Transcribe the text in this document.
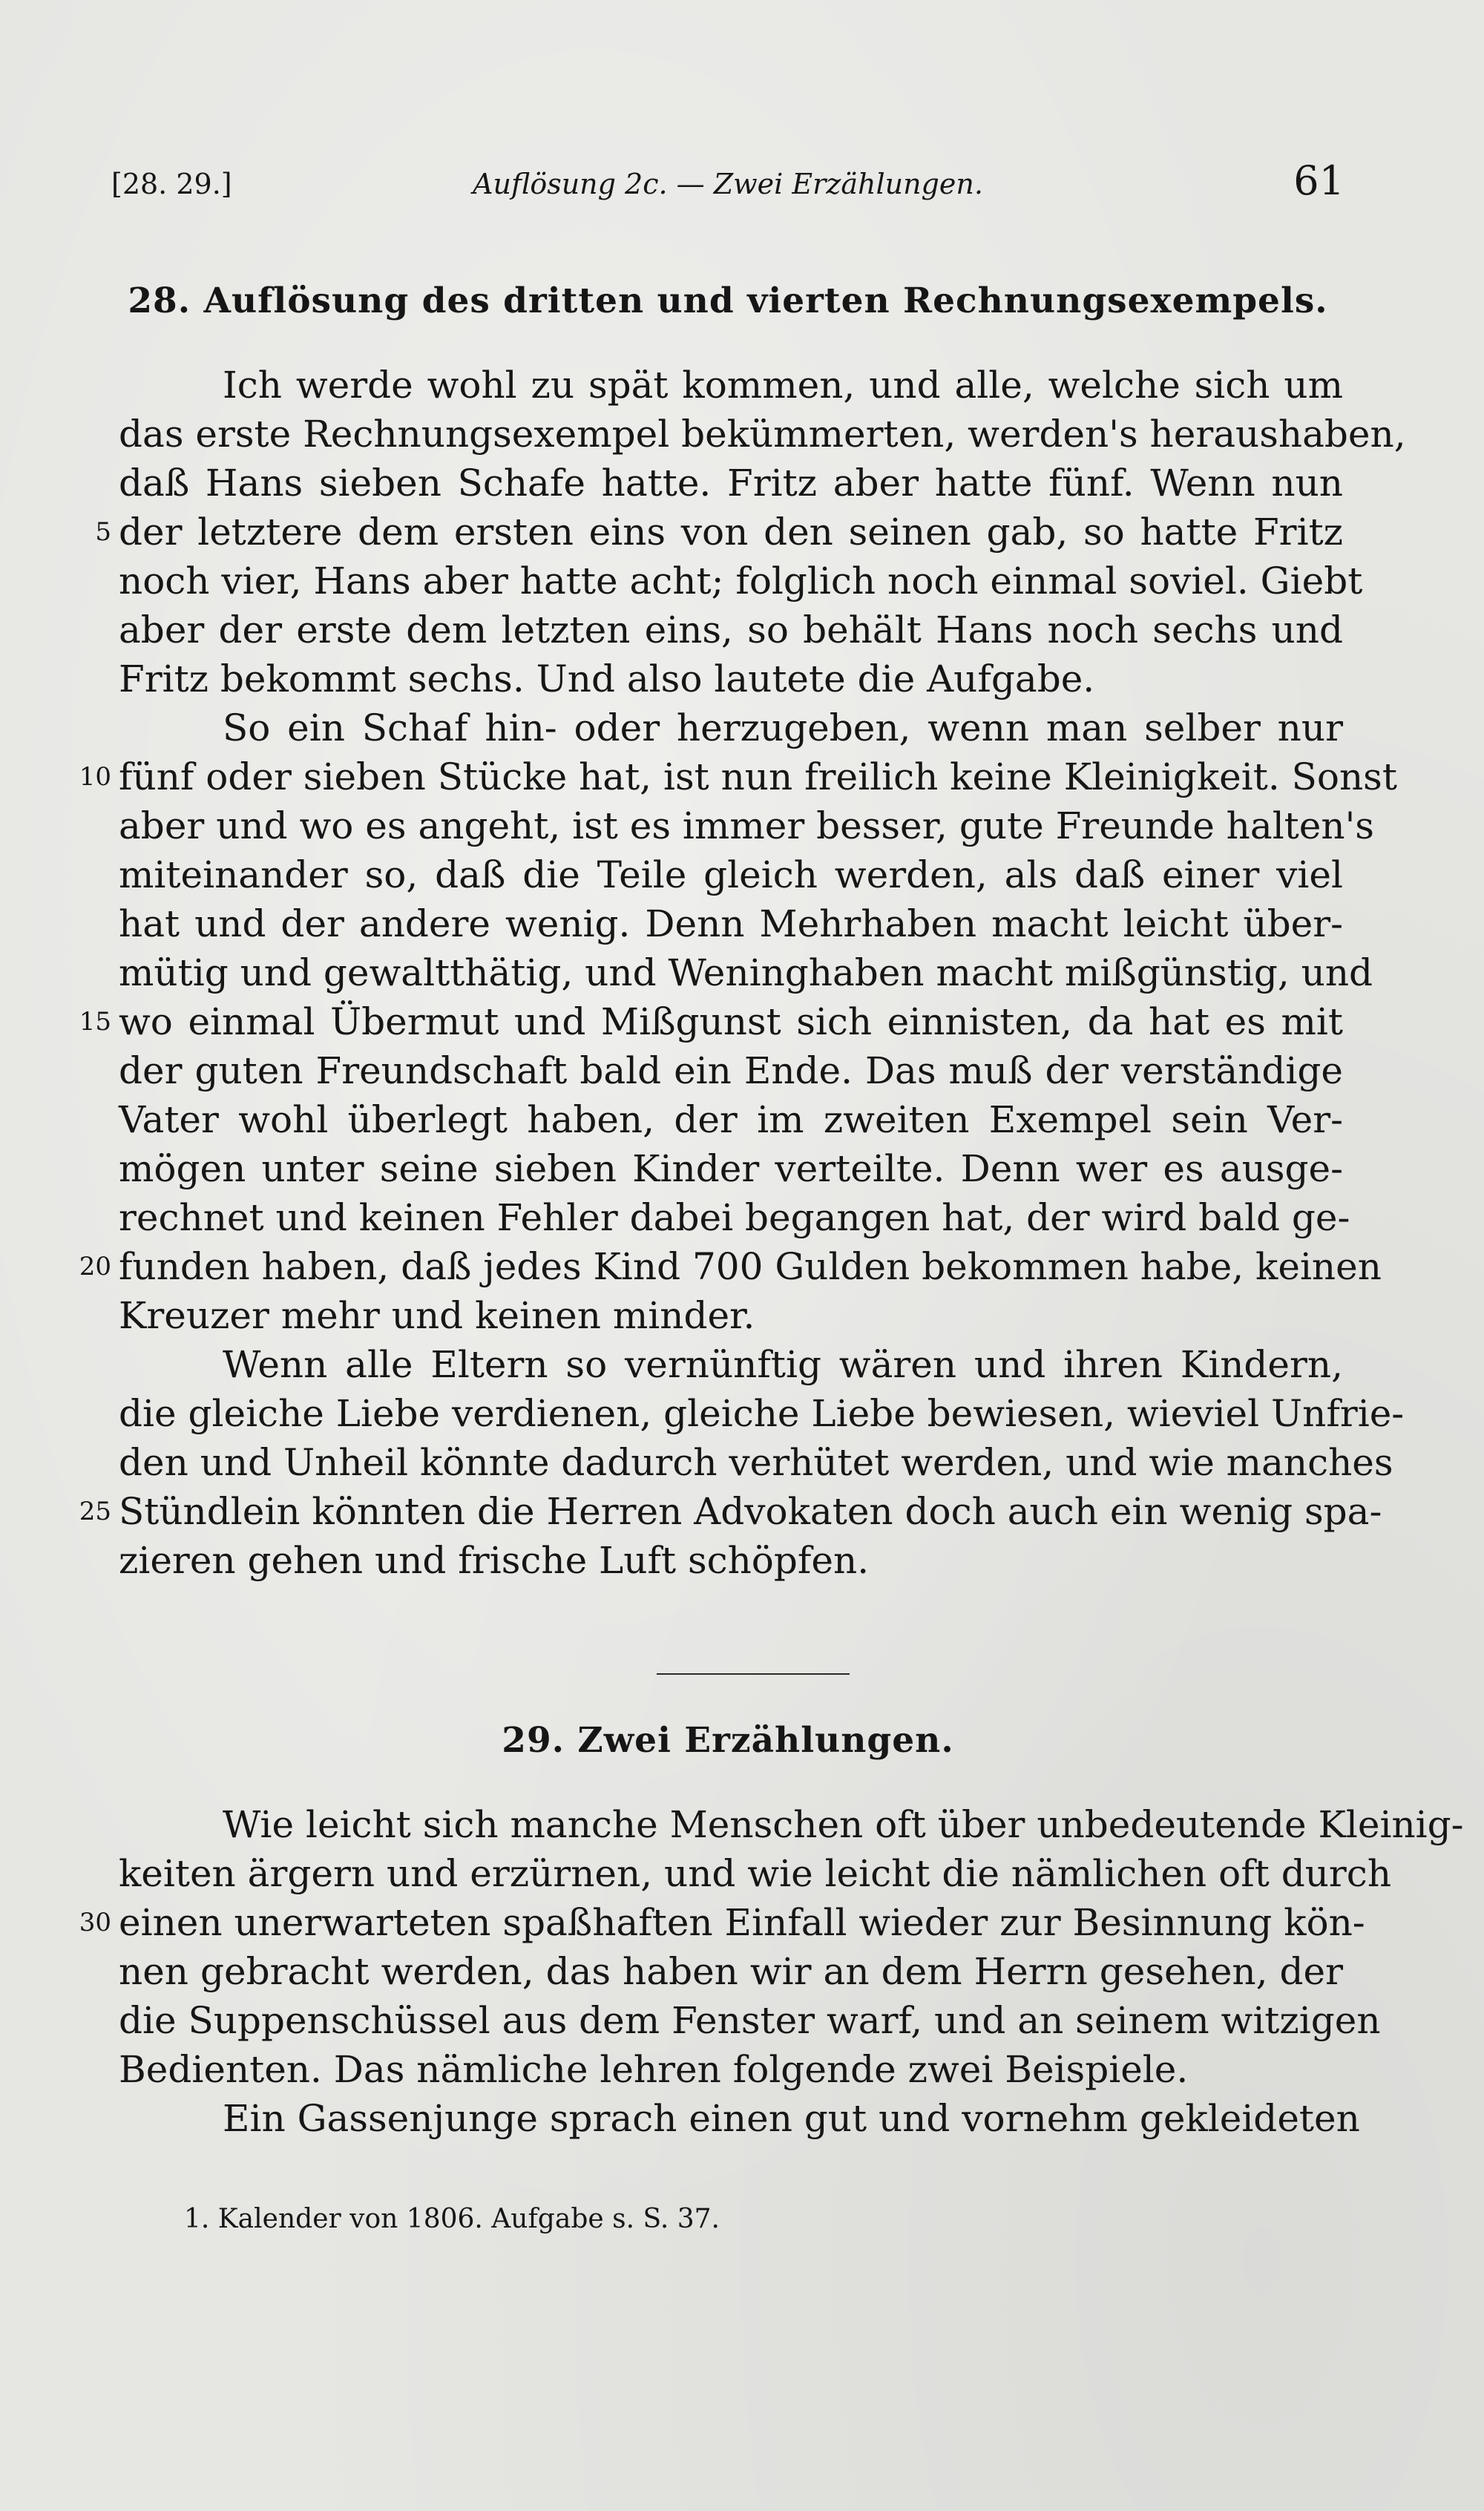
[28. 29.]	Auflösung 2c. — Zwei Erzählungen.	61
28. Auflösung des dritten und vierten Rechnungsexempels.
Ich werde wohl zu spät kommen, und alle, welche sich um
das erste Rechnungsexempel bekümmerten, werden's heraushaben,
daß Hans sieben Schafe hatte. Fritz aber hatte fünf. Wenn nun
5 der letztere dem ersten eins von den seinen gab, so hatte Fritz
noch vier, Hans aber hatte acht; folglich noch einmal soviel. Giebt
aber der erste dem letzten eins, so behält Hans noch sechs und
Fritz bekommt sechs. Und also lautete die Aufgabe.
So ein Schaf hin- oder herzugeben, wenn man selber nur
10 fünf oder sieben Stücke hat, ist nun freilich keine Kleinigkeit. Sonst
aber und wo es angeht, ist es immer besser, gute Freunde halten's
miteinander so, daß die Teile gleich werden, als daß einer viel
hat und der andere wenig. Denn Mehrhaben macht leicht über-
mütig und gewaltthätig, und Weninghaben macht mißgünstig, und
15 wo einmal Übermut und Mißgunst sich einnisten, da hat es mit
der guten Freundschaft bald ein Ende. Das muß der verständige
Vater wohl überlegt haben, der im zweiten Exempel sein Ver-
mögen unter seine sieben Kinder verteilte. Denn wer es ausge-
rechnet und keinen Fehler dabei begangen hat, der wird bald ge-
20 funden haben, daß jedes Kind 700 Gulden bekommen habe, keinen
Kreuzer mehr und keinen minder.
Wenn alle Eltern so vernünftig wären und ihren Kindern,
die gleiche Liebe verdienen, gleiche Liebe bewiesen, wieviel Unfrie-
den und Unheil könnte dadurch verhütet werden, und wie manches
25 Stündlein könnten die Herren Advokaten doch auch ein wenig spa-
zieren gehen und frische Luft schöpfen.
29. Zwei Erzählungen.
Wie leicht sich manche Menschen oft über unbedeutende Kleinig-
keiten ärgern und erzürnen, und wie leicht die nämlichen oft durch
30 einen unerwarteten spaßhaften Einfall wieder zur Besinnung kön-
nen gebracht werden, das haben wir an dem Herrn gesehen, der
die Suppenschüssel aus dem Fenster warf, und an seinem witzigen
Bedienten. Das nämliche lehren folgende zwei Beispiele.
Ein Gassenjunge sprach einen gut und vornehm gekleideten
1. Kalender von 1806. Aufgabe s. S. 37.
